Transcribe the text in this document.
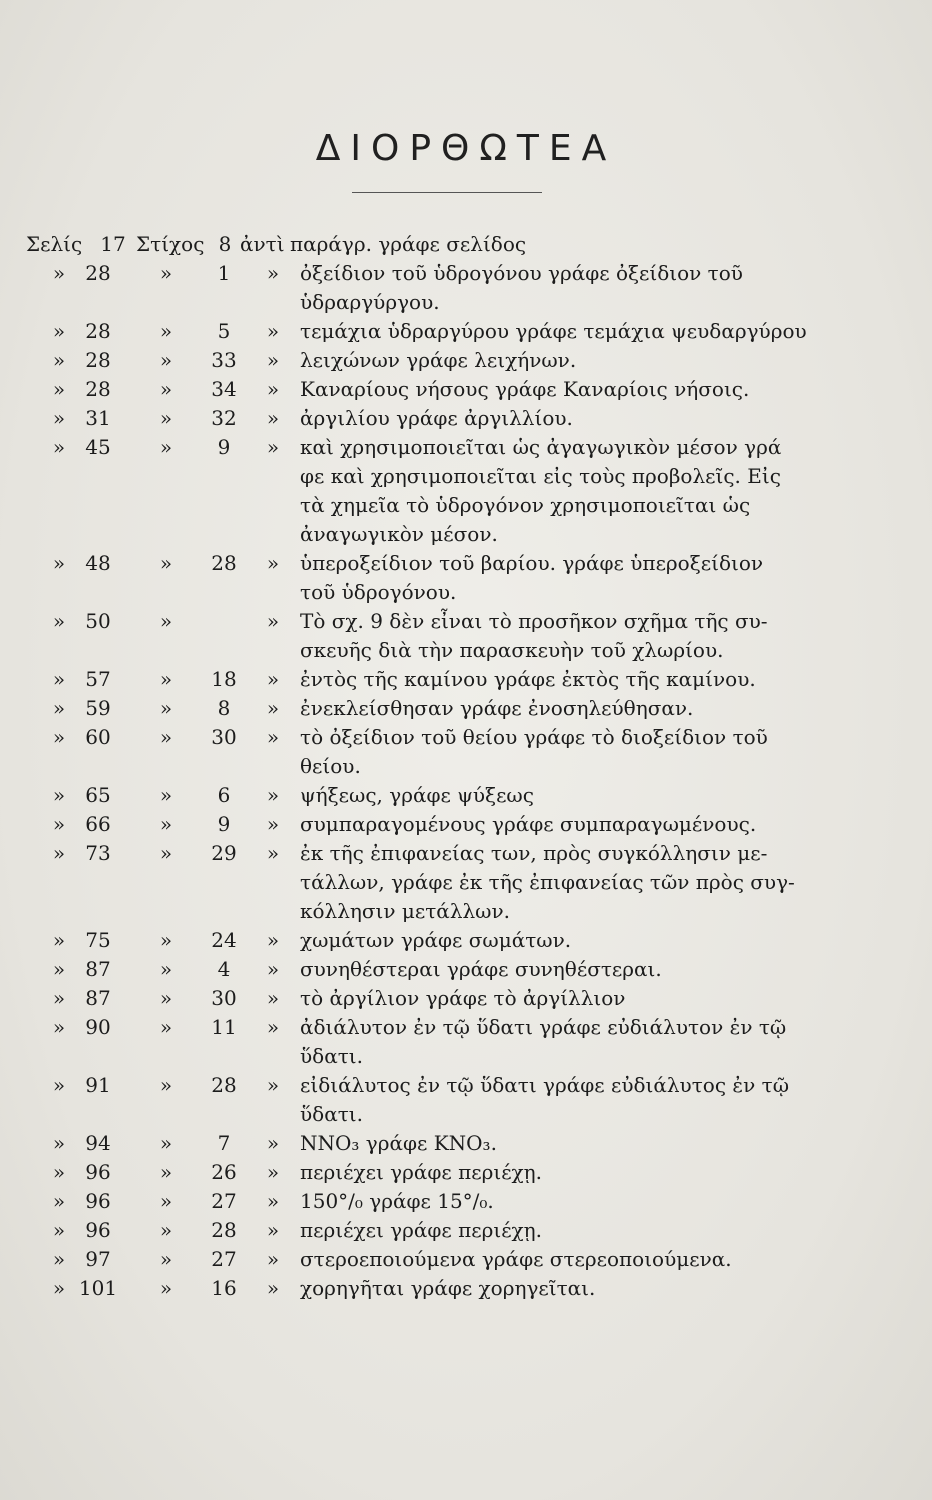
ΔΙΟΡΘΩΤΕΑ
Σελίς 17 Στίχος 8 ἀντὶ παράγρ. γράφε σελίδος
»	28	»	1	» ὀξείδιον τοῦ ὑδρογόνου γράφε ὀξείδιον τοῦ
ὑδραργύργου.
»	28	»	5	» τεμάχια ὑδραργύρου γράφε τεμάχια ψευδαργύρου
»	28	»	33	» λειχώνων γράφε λειχήνων.
»	28	»	34	» Καναρίους νήσους γράφε Καναρίοις νήσοις.
»	31	»	32	» ἀργιλίου γράφε ἀργιλλίου.
»	45	»	9	» καὶ χρησιμοποιεῖται ὡς ἀγαγωγικὸν μέσον γρά
φε καὶ χρησιμοποιεῖται εἰς τοὺς προβολεῖς. Εἰς
τὰ χημεῖα τὸ ὑδρογόνον χρησιμοποιεῖται ὡς
ἀναγωγικὸν μέσον.
»	48	»	28	» ὑπεροξείδιον τοῦ βαρίου. γράφε ὑπεροξείδιον
τοῦ ὑδρογόνου.
»	50	»	» Τὸ σχ. 9 δὲν εἶναι τὸ προσῆκον σχῆμα τῆς συ-
σκευῆς διὰ τὴν παρασκευὴν τοῦ χλωρίου.
»	57	»	18	» ἐντὸς τῆς καμίνου γράφε ἐκτὸς τῆς καμίνου.
»	59	»	8	» ἐνεκλείσθησαν γράφε ἐνοσηλεύθησαν.
»	60	»	30	» τὸ ὀξείδιον τοῦ θείου γράφε τὸ διοξείδιον τοῦ
θείου.
»	65	»	6	» ψήξεως, γράφε ψύξεως
»	66	»	9	» συμπαραγομένους γράφε συμπαραγωμένους.
»	73	»	29	» ἐκ τῆς ἐπιφανείας των, πρὸς συγκόλλησιν με-
τάλλων, γράφε ἐκ τῆς ἐπιφανείας τῶν πρὸς συγ-
κόλλησιν μετάλλων.
»	75	»	24	» χωμάτων γράφε σωμάτων.
»	87	»	4	» συνηθέστεραι γράφε συνηθέστεραι.
»	87	»	30	» τὸ ἀργίλιον γράφε τὸ ἀργίλλιον
»	90	»	11	» ἀδιάλυτον ἐν τῷ ὕδατι γράφε εὐδιάλυτον ἐν τῷ
ὕδατι.
»	91	»	28	» εἰδιάλυτος ἐν τῷ ὕδατι γράφε εὐδιάλυτος ἐν τῷ
ὕδατι.
»	94	»	7	» ΝΝΟ₃ γράφε ΚΝΟ₃.
»	96	»	26	» περιέχει γράφε περιέχῃ.
»	96	»	27	» 150°/₀ γράφε 15°/₀.
»	96	»	28	» περιέχει γράφε περιέχῃ.
»	97	»	27	» στεροεποιούμενα γράφε στερεοποιούμενα.
» 101	»	16	» χορηγῆται γράφε χορηγεῖται.
